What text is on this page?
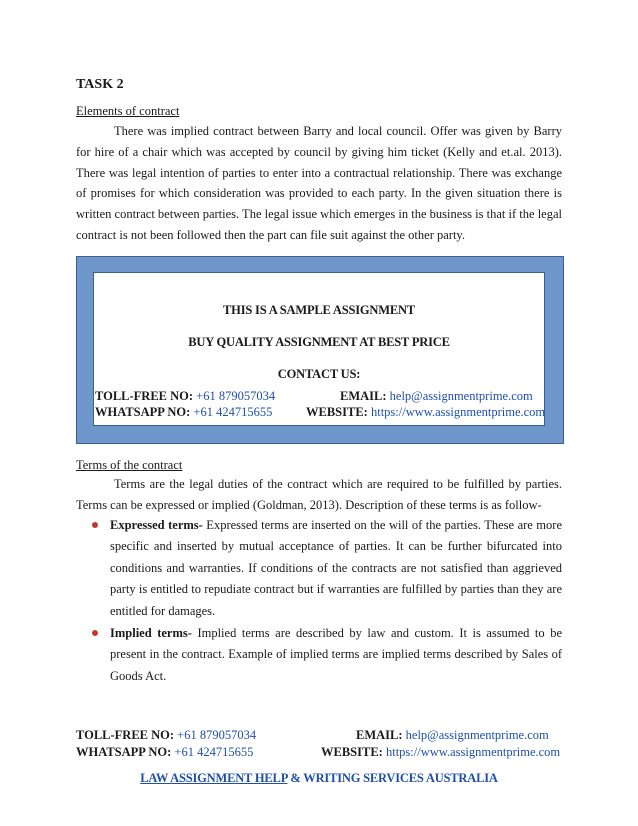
TASK 2
Elements of contract

There was implied contract between Barry and local council. Offer was given by Barry for hire of a chair which was accepted by council by giving him ticket (Kelly and et.al. 2013). There was legal intention of parties to enter into a contractual relationship. There was exchange of promises for which consideration was provided to each party. In the given situation there is written contract between parties. The legal issue which emerges in the business is that if the legal contract is not been followed then the part can file suit against the other party.

THIS IS A SAMPLE ASSIGNMENT
BUY QUALITY ASSIGNMENT AT BEST PRICE
CONTACT US:
TOLL-FREE NO: +61 879057034	EMAIL: help@assignmentprime.com
WHATSAPP NO: +61 424715655	WEBSITE: https://www.assignmentprime.com
Terms of the contract

Terms are the legal duties of the contract which are required to be fulfilled by parties. Terms can be expressed or implied (Goldman, 2013). Description of these terms is as follow-

Expressed terms- Expressed terms are inserted on the will of the parties. These are more specific and inserted by mutual acceptance of parties. It can be further bifurcated into conditions and warranties. If conditions of the contracts are not satisfied than aggrieved party is entitled to repudiate contract but if warranties are fulfilled by parties than they are entitled for damages.
Implied terms- Implied terms are described by law and custom. It is assumed to be present in the contract. Example of implied terms are implied terms described by Sales of Goods Act.
TOLL-FREE NO: +61 879057034	EMAIL: help@assignmentprime.com
WHATSAPP NO: +61 424715655	WEBSITE: https://www.assignmentprime.com
LAW ASSIGNMENT HELP & WRITING SERVICES AUSTRALIA
